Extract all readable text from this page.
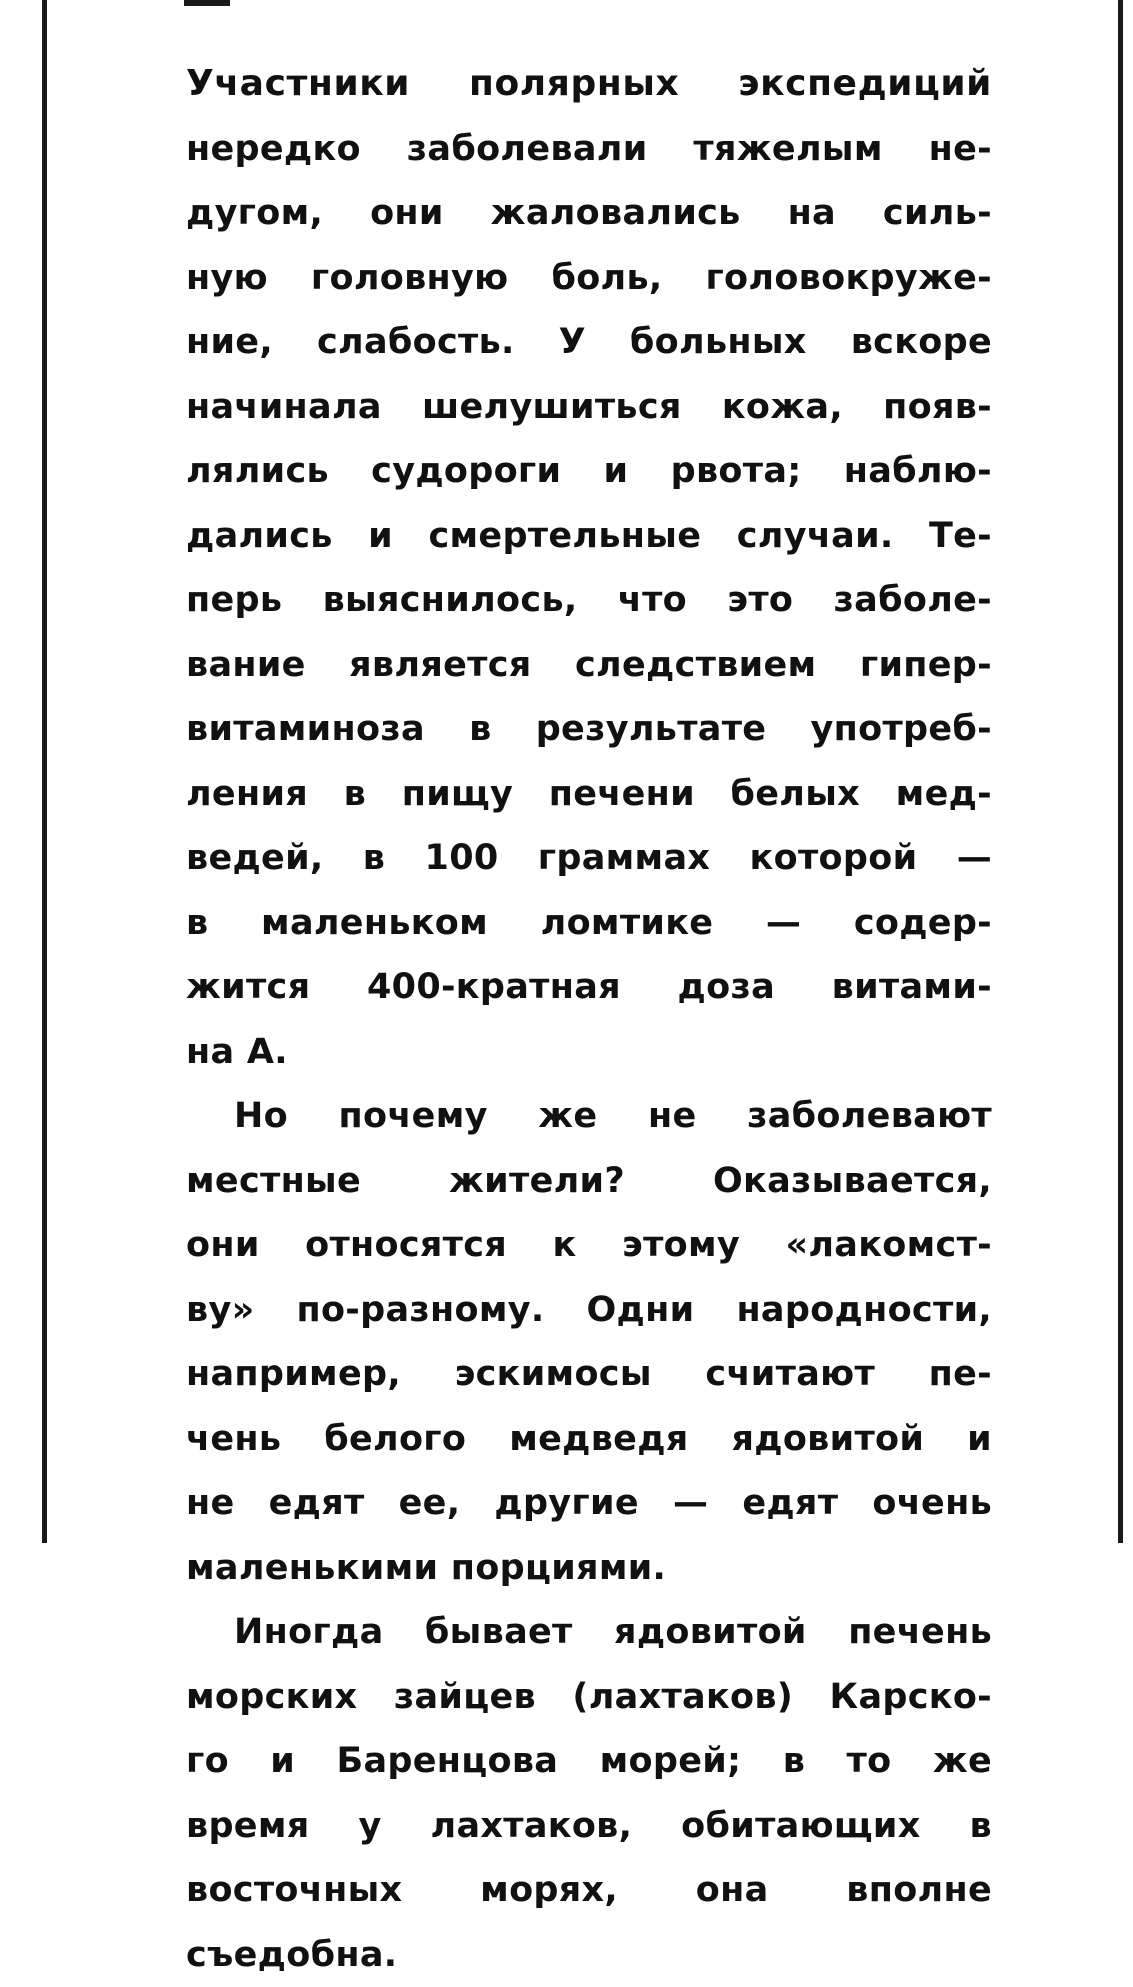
Участники полярных экспедиций
нередко заболевали тяжелым не-
дугом, они жаловались на силь-
ную головную боль, головокруже-
ние, слабость. У больных вскоре
начинала шелушиться кожа, появ-
лялись судороги и рвота; наблю-
дались и смертельные случаи. Те-
перь выяснилось, что это заболе-
вание является следствием гипер-
витаминоза в результате употреб-
ления в пищу печени белых мед-
ведей, в 100 граммах которой —
в маленьком ломтике — содер-
жится 400-кратная доза витами-
на А.
Но почему же не заболевают
местные жители? Оказывается,
они относятся к этому «лакомст-
ву» по-разному. Одни народности,
например, эскимосы считают пе-
чень белого медведя ядовитой и
не едят ее, другие — едят очень
маленькими порциями.
Иногда бывает ядовитой печень
морских зайцев (лахтаков) Карско-
го и Баренцова морей; в то же
время у лахтаков, обитающих в
восточных морях, она вполне
съедобна.
